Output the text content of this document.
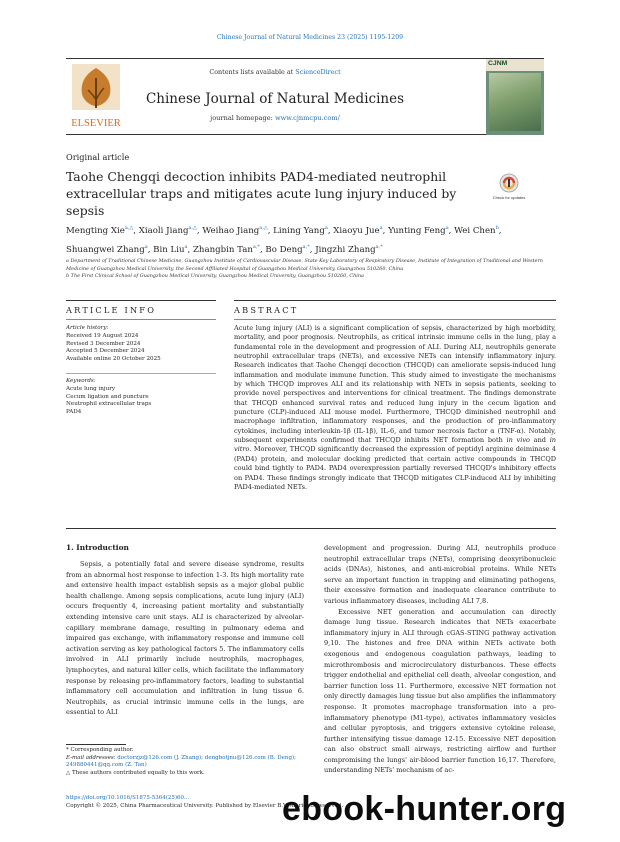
Chinese Journal of Natural Medicines 23 (2025) 1195-1209
ELSEVIER
Contents lists available at ScienceDirect
Chinese Journal of Natural Medicines
journal homepage: www.cjnmcpu.com/
CJNM
Original article
Taohe Chengqi decoction inhibits PAD4-mediated neutrophil extracellular traps and mitigates acute lung injury induced by sepsis
Check for updates
Mengting Xie$^{a,\triangle}$, Xiaoli Jiang$^{a,\triangle}$, Weihao Jiang$^{a,\triangle}$, Lining Yang$^a$, Xiaoyu Jue$^a$, Yunting Feng$^a$, Wei Chen$^b$, Shuangwei Zhang$^a$, Bin Liu$^a$, Zhangbin Tan$^{a,*}$, Bo Deng$^{a,*}$, Jingzhi Zhang$^{a,*}$
a Department of Traditional Chinese Medicine, Guangzhou Institute of Cardiovascular Disease, State Key Laboratory of Respiratory Disease, Institute of Integration of Traditional and Western Medicine of Guangzhou Medical University, the Second Affiliated Hospital of Guangzhou Medical University, Guangzhou 510260, China
b The First Clinical School of Guangzhou Medical University, Guangzhou Medical University, Guangzhou 510260, China
ARTICLE INFO	ABSTRACT
Article history:
Received 19 August 2024
Revised 3 December 2024
Accepted 5 December 2024
Available online 20 October 2025
Keywords:
Acute lung injury
Cecum ligation and puncture
Neutrophil extracellular traps
PAD4
Acute lung injury (ALI) is a significant complication of sepsis, characterized by high morbidity, mortality, and poor prognosis. Neutrophils, as critical intrinsic immune cells in the lung, play a fundamental role in the development and progression of ALI. During ALI, neutrophils generate neutrophil extracellular traps (NETs), and excessive NETs can intensify inflammatory injury. Research indicates that Taohe Chengqi decoction (THCQD) can ameliorate sepsis-induced lung inflammation and modulate immune function. This study aimed to investigate the mechanisms by which THCQD improves ALI and its relationship with NETs in sepsis patients, seeking to provide novel perspectives and interventions for clinical treatment. The findings demonstrate that THCQD enhanced survival rates and reduced lung injury in the cecum ligation and puncture (CLP)-induced ALI mouse model. Furthermore, THCQD diminished neutrophil and macrophage infiltration, inflammatory responses, and the production of pro-inflammatory cytokines, including interleukin-1β (IL-1β), IL-6, and tumor necrosis factor α (TNF-α). Notably, subsequent experiments confirmed that THCQD inhibits NET formation both in vivo and in vitro. Moreover, THCQD significantly decreased the expression of peptidyl arginine deiminase 4 (PAD4) protein, and molecular docking predicted that certain active compounds in THCQD could bind tightly to PAD4. PAD4 overexpression partially reversed THCQD's inhibitory effects on PAD4. These findings strongly indicate that THCQD mitigates CLP-induced ALI by inhibiting PAD4-mediated NETs.
1. Introduction
Sepsis, a potentially fatal and severe disease syndrome, results from an abnormal host response to infection 1-3. Its high mortality rate and extensive health impact establish sepsis as a major global public health challenge. Among sepsis complications, acute lung injury (ALI) occurs frequently 4, increasing patient mortality and substantially extending intensive care unit stays. ALI is characterized by alveolar-capillary membrane damage, resulting in pulmonary edema and impaired gas exchange, with inflammatory response and immune cell activation serving as key pathological factors 5. The inflammatory cells involved in ALI primarily include neutrophils, macrophages, lymphocytes, and natural killer cells, which facilitate the inflammatory response by releasing pro-inflammatory factors, leading to substantial inflammatory cell accumulation and infiltration in lung tissue 6. Neutrophils, as crucial intrinsic immune cells in the lungs, are essential to ALI
development and progression. During ALI, neutrophils produce neutrophil extracellular traps (NETs), comprising deoxyribonucleic acids (DNAs), histones, and anti-microbial proteins. While NETs serve an important function in trapping and eliminating pathogens, their excessive formation and inadequate clearance contribute to various inflammatory diseases, including ALI 7,8.
Excessive NET generation and accumulation can directly damage lung tissue. Research indicates that NETs exacerbate inflammatory injury in ALI through cGAS-STING pathway activation 9,10. The histones and free DNA within NETs activate both exogenous and endogenous coagulation pathways, leading to microthrombosis and microcirculatory disturbances. These effects trigger endothelial and epithelial cell death, alveolar congestion, and barrier function loss 11. Furthermore, excessive NET formation not only directly damages lung tissue but also amplifies the inflammatory response. It promotes macrophage transformation into a pro-inflammatory phenotype (M1-type), activates inflammatory vesicles and cellular pyroptosis, and triggers extensive cytokine release, further intensifying tissue damage 12-15. Excessive NET deposition can also obstruct small airways, restricting airflow and further compromising the lungs' air-blood barrier function 16,17. Therefore, understanding NETs' mechanism of ac-
* Corresponding author.
E-mail addresses: doctorzjz@126.com (J. Zhang); dengbotjnu@126.com (B. Deng); 249880441@qq.com (Z. Tan)
△ These authors contributed equally to this work.
https://doi.org/10.1016/S1875-5364(25)60...
Copyright © 2025, China Pharmaceutical University. Published by Elsevier B.V. All rights reserved.
ebook-hunter.org
